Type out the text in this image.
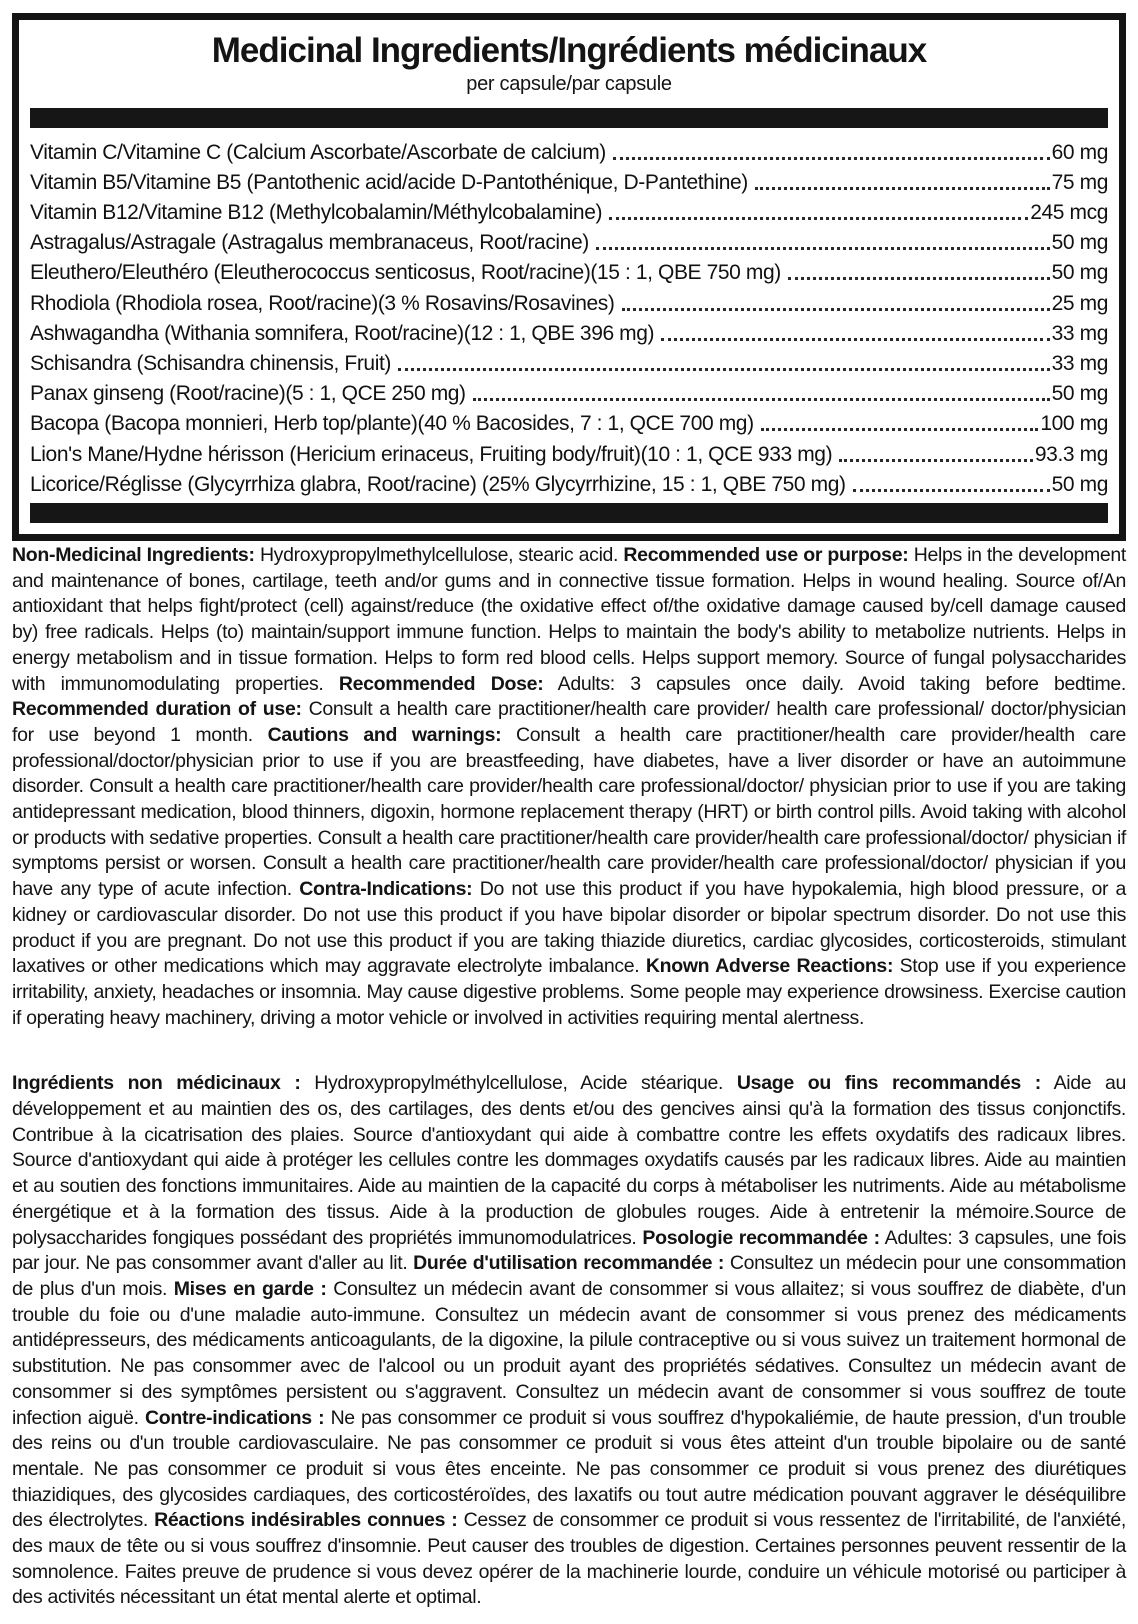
Medicinal Ingredients/Ingrédients médicinaux
per capsule/par capsule
Vitamin C/Vitamine C (Calcium Ascorbate/Ascorbate de calcium)	60 mg
Vitamin B5/Vitamine B5 (Pantothenic acid/acide D-Pantothénique, D-Pantethine)	75 mg
Vitamin B12/Vitamine B12 (Methylcobalamin/Méthylcobalamine)	245 mcg
Astragalus/Astragale (Astragalus membranaceus, Root/racine)	50 mg
Eleuthero/Eleuthéro (Eleutherococcus senticosus, Root/racine)(15 : 1, QBE 750 mg)	50 mg
Rhodiola (Rhodiola rosea, Root/racine)(3 % Rosavins/Rosavines)	25 mg
Ashwagandha (Withania somnifera, Root/racine)(12 : 1, QBE 396 mg)	33 mg
Schisandra (Schisandra chinensis, Fruit)	33 mg
Panax ginseng (Root/racine)(5 : 1, QCE 250 mg)	50 mg
Bacopa (Bacopa monnieri, Herb top/plante)(40 % Bacosides, 7 : 1, QCE 700 mg)	100 mg
Lion's Mane/Hydne hérisson (Hericium erinaceus, Fruiting body/fruit)(10 : 1, QCE 933 mg)	93.3 mg
Licorice/Réglisse (Glycyrrhiza glabra, Root/racine) (25% Glycyrrhizine, 15 : 1, QBE 750 mg)	50 mg

Non-Medicinal Ingredients: Hydroxypropylmethylcellulose, stearic acid. Recommended use or purpose: Helps in the development and maintenance of bones, cartilage, teeth and/or gums and in connective tissue formation. Helps in wound healing. Source of/An antioxidant that helps fight/protect (cell) against/reduce (the oxidative effect of/the oxidative damage caused by/cell damage caused by) free radicals. Helps (to) maintain/support immune function. Helps to maintain the body's ability to metabolize nutrients. Helps in energy metabolism and in tissue formation. Helps to form red blood cells. Helps support memory. Source of fungal polysaccharides with immunomodulating properties. Recommended Dose: Adults: 3 capsules once daily. Avoid taking before bedtime. Recommended duration of use: Consult a health care practitioner/health care provider/ health care professional/ doctor/physician for use beyond 1 month. Cautions and warnings: Consult a health care practitioner/health care provider/health care professional/doctor/physician prior to use if you are breastfeeding, have diabetes, have a liver disorder or have an autoimmune disorder. Consult a health care practitioner/health care provider/health care professional/doctor/ physician prior to use if you are taking antidepressant medication, blood thinners, digoxin, hormone replacement therapy (HRT) or birth control pills. Avoid taking with alcohol or products with sedative properties. Consult a health care practitioner/health care provider/health care professional/doctor/ physician if symptoms persist or worsen. Consult a health care practitioner/health care provider/health care professional/doctor/ physician if you have any type of acute infection. Contra-Indications: Do not use this product if you have hypokalemia, high blood pressure, or a kidney or cardiovascular disorder. Do not use this product if you have bipolar disorder or bipolar spectrum disorder. Do not use this product if you are pregnant. Do not use this product if you are taking thiazide diuretics, cardiac glycosides, corticosteroids, stimulant laxatives or other medications which may aggravate electrolyte imbalance. Known Adverse Reactions: Stop use if you experience irritability, anxiety, headaches or insomnia. May cause digestive problems. Some people may experience drowsiness. Exercise caution if operating heavy machinery, driving a motor vehicle or involved in activities requiring mental alertness.

Ingrédients non médicinaux : Hydroxypropylméthylcellulose, Acide stéarique. Usage ou fins recommandés : Aide au développement et au maintien des os, des cartilages, des dents et/ou des gencives ainsi qu'à la formation des tissus conjonctifs. Contribue à la cicatrisation des plaies. Source d'antioxydant qui aide à combattre contre les effets oxydatifs des radicaux libres. Source d'antioxydant qui aide à protéger les cellules contre les dommages oxydatifs causés par les radicaux libres. Aide au maintien et au soutien des fonctions immunitaires. Aide au maintien de la capacité du corps à métaboliser les nutriments. Aide au métabolisme énergétique et à la formation des tissus. Aide à la production de globules rouges. Aide à entretenir la mémoire.Source de polysaccharides fongiques possédant des propriétés immunomodulatrices. Posologie recommandée : Adultes: 3 capsules, une fois par jour. Ne pas consommer avant d'aller au lit. Durée d'utilisation recommandée : Consultez un médecin pour une consommation de plus d'un mois. Mises en garde : Consultez un médecin avant de consommer si vous allaitez; si vous souffrez de diabète, d'un trouble du foie ou d'une maladie auto-immune. Consultez un médecin avant de consommer si vous prenez des médicaments antidépresseurs, des médicaments anticoagulants, de la digoxine, la pilule contraceptive ou si vous suivez un traitement hormonal de substitution. Ne pas consommer avec de l'alcool ou un produit ayant des propriétés sédatives. Consultez un médecin avant de consommer si des symptômes persistent ou s'aggravent. Consultez un médecin avant de consommer si vous souffrez de toute infection aiguë. Contre-indications : Ne pas consommer ce produit si vous souffrez d'hypokaliémie, de haute pression, d'un trouble des reins ou d'un trouble cardiovasculaire. Ne pas consommer ce produit si vous êtes atteint d'un trouble bipolaire ou de santé mentale. Ne pas consommer ce produit si vous êtes enceinte. Ne pas consommer ce produit si vous prenez des diurétiques thiazidiques, des glycosides cardiaques, des corticostéroïdes, des laxatifs ou tout autre médication pouvant aggraver le déséquilibre des électrolytes. Réactions indésirables connues : Cessez de consommer ce produit si vous ressentez de l'irritabilité, de l'anxiété, des maux de tête ou si vous souffrez d'insomnie. Peut causer des troubles de digestion. Certaines personnes peuvent ressentir de la somnolence. Faites preuve de prudence si vous devez opérer de la machinerie lourde, conduire un véhicule motorisé ou participer à des activités nécessitant un état mental alerte et optimal.
